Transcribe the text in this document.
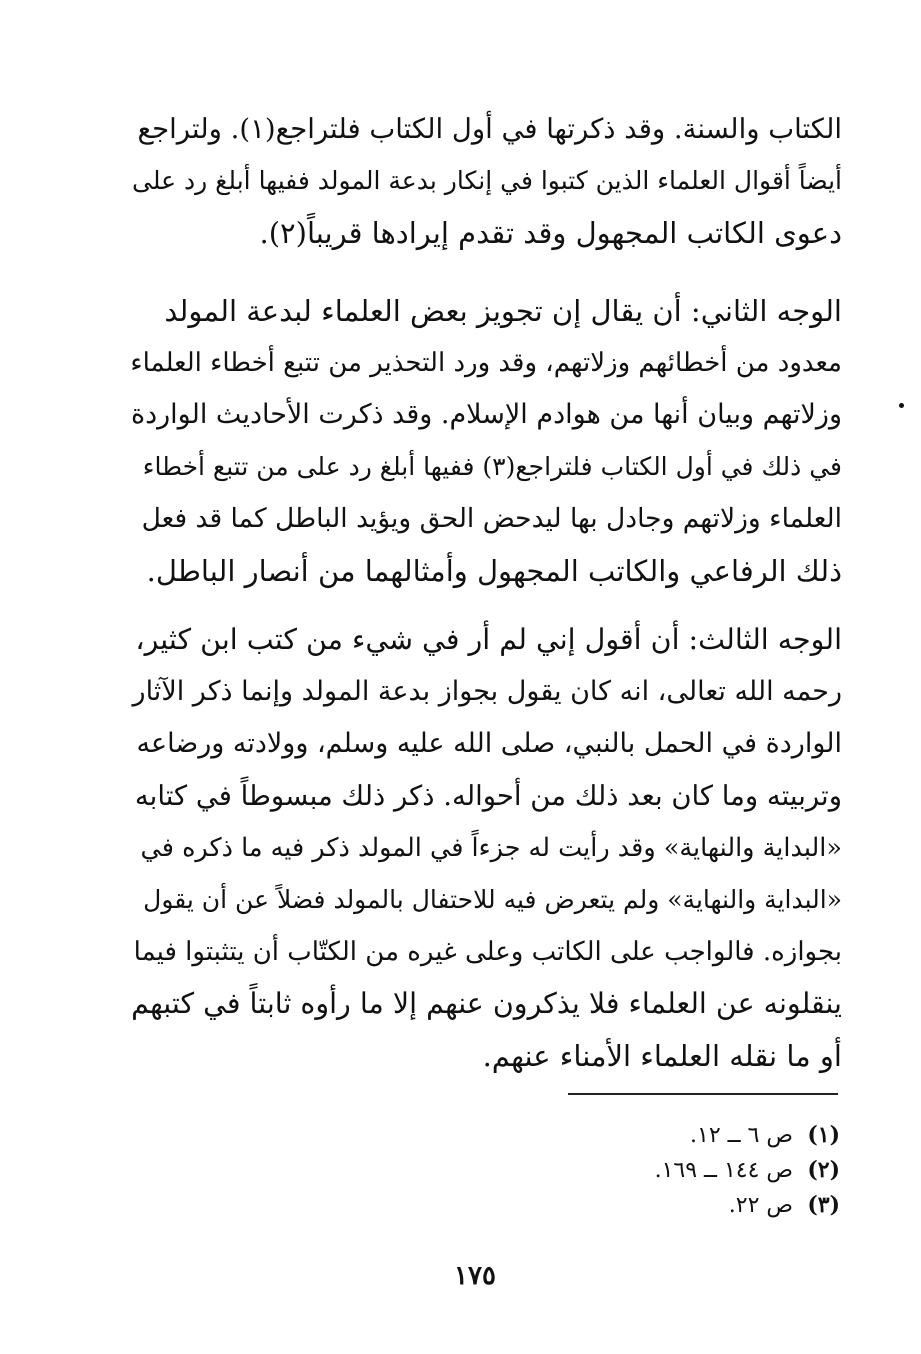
الكتاب والسنة. وقد ذكرتها في أول الكتاب فلتراجع(١). ولتراجع
أيضاً أقوال العلماء الذين كتبوا في إنكار بدعة المولد ففيها أبلغ رد على
دعوى الكاتب المجهول وقد تقدم إيرادها قريباً(٢).
الوجه الثاني: أن يقال إن تجويز بعض العلماء لبدعة المولد
معدود من أخطائهم وزلاتهم، وقد ورد التحذير من تتبع أخطاء العلماء
وزلاتهم وبيان أنها من هوادم الإسلام. وقد ذكرت الأحاديث الواردة
في ذلك في أول الكتاب فلتراجع(٣) ففيها أبلغ رد على من تتبع أخطاء
العلماء وزلاتهم وجادل بها ليدحض الحق ويؤيد الباطل كما قد فعل
ذلك الرفاعي والكاتب المجهول وأمثالهما من أنصار الباطل.
الوجه الثالث: أن أقول إني لم أر في شيء من كتب ابن كثير،
رحمه الله تعالى، انه كان يقول بجواز بدعة المولد وإنما ذكر الآثار
الواردة في الحمل بالنبي، صلى الله عليه وسلم، وولادته ورضاعه
وتربيته وما كان بعد ذلك من أحواله. ذكر ذلك مبسوطاً في كتابه
«البداية والنهاية» وقد رأيت له جزءاً في المولد ذكر فيه ما ذكره في
«البداية والنهاية» ولم يتعرض فيه للاحتفال بالمولد فضلاً عن أن يقول
بجوازه. فالواجب على الكاتب وعلى غيره من الكتّاب أن يتثبتوا فيما
ينقلونه عن العلماء فلا يذكرون عنهم إلا ما رأوه ثابتاً في كتبهم
أو ما نقله العلماء الأمناء عنهم.
(١) ص ٦ ــ ١٢.
(٢) ص ١٤٤ ــ ١٦٩.
(٣) ص ٢٢.
١٧٥
